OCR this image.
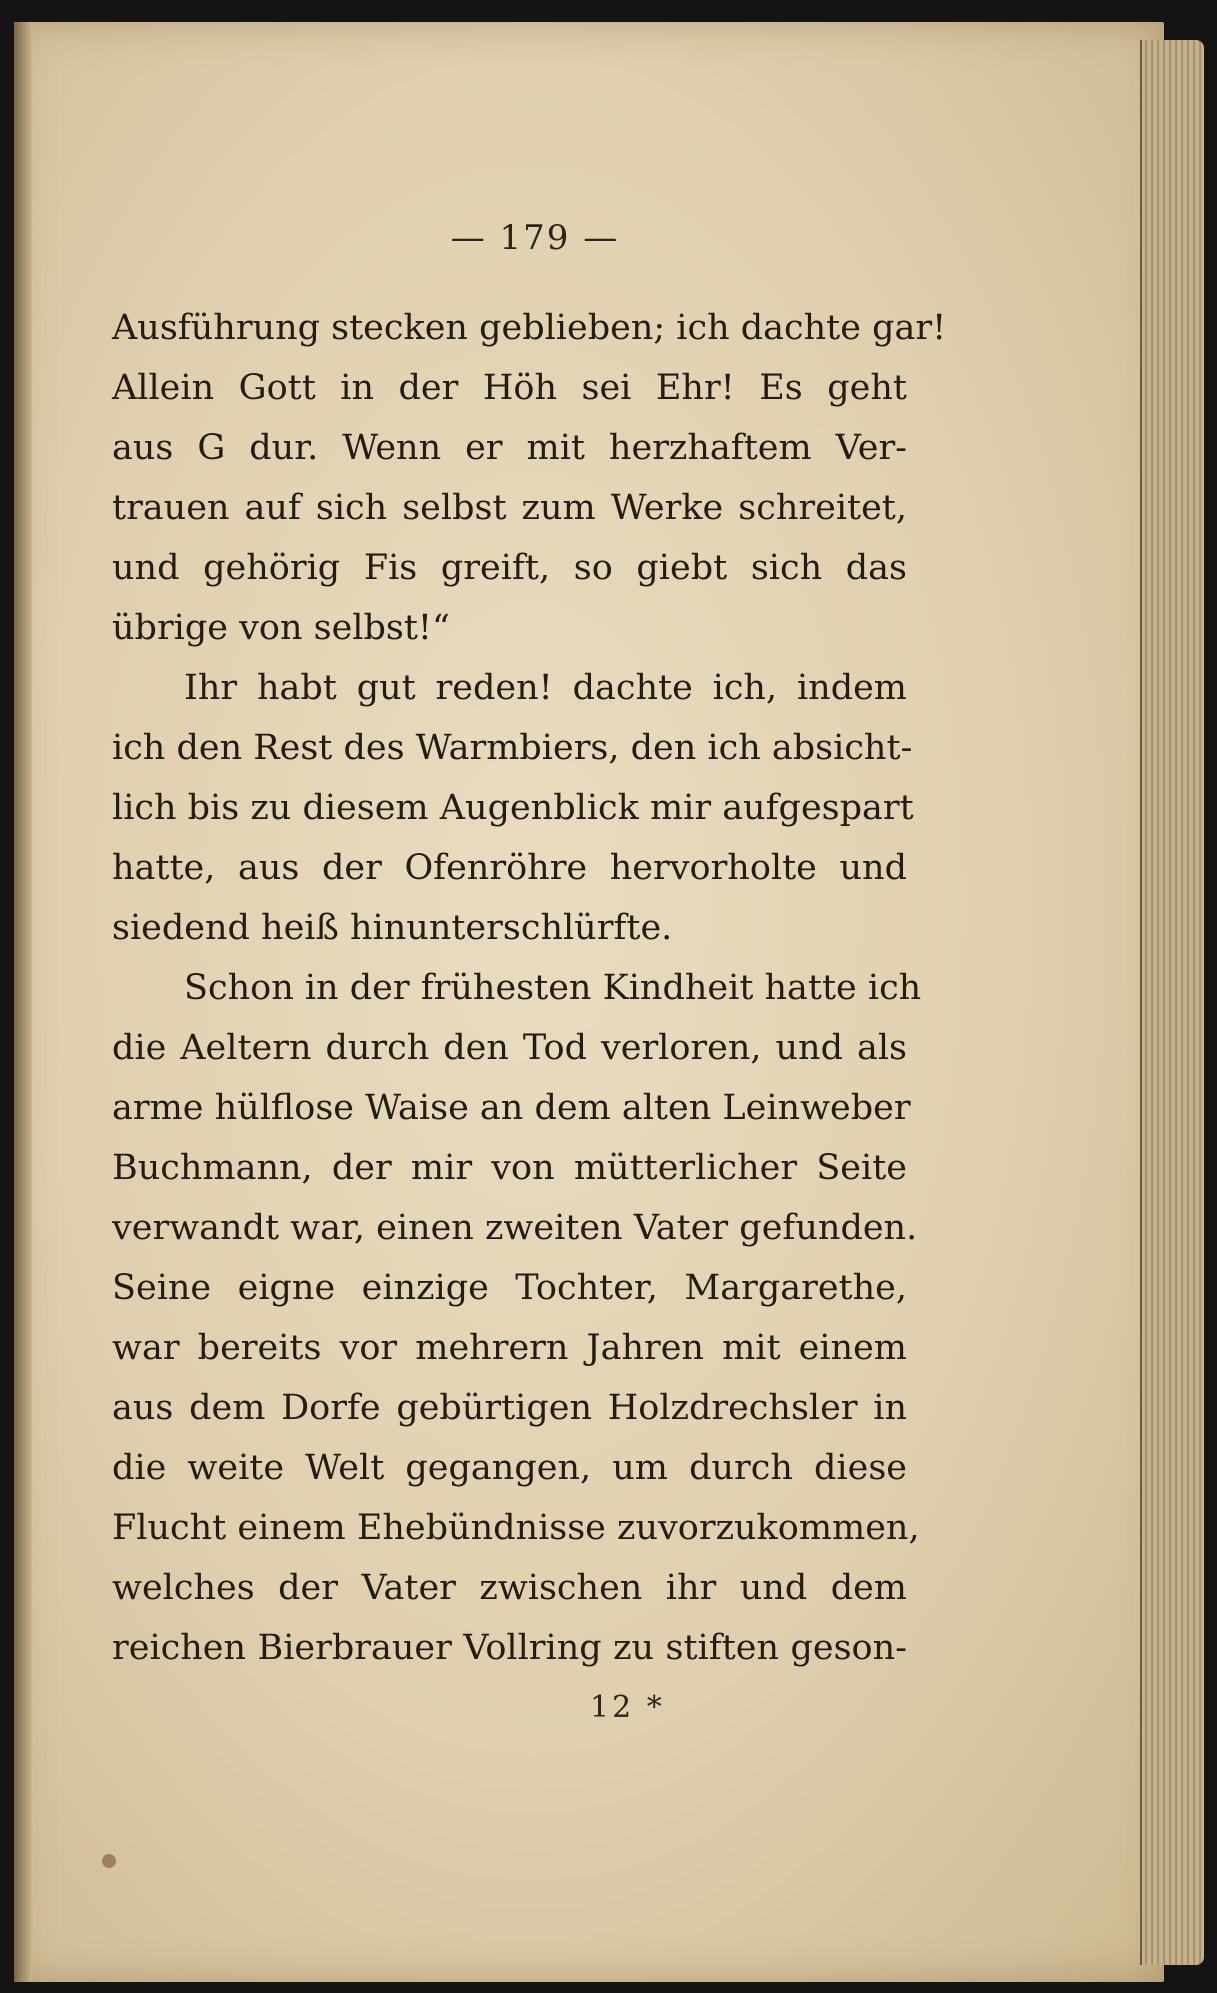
— 179 —
Ausführung stecken geblieben; ich dachte gar!
Allein Gott in der Höh sei Ehr! Es geht
aus G dur. Wenn er mit herzhaftem Ver-
trauen auf sich selbst zum Werke schreitet,
und gehörig Fis greift, so giebt sich das
übrige von selbst!“
Ihr habt gut reden! dachte ich, indem
ich den Rest des Warmbiers, den ich absicht-
lich bis zu diesem Augenblick mir aufgespart
hatte, aus der Ofenröhre hervorholte und
siedend heiß hinunterschlürfte.
Schon in der frühesten Kindheit hatte ich
die Aeltern durch den Tod verloren, und als
arme hülflose Waise an dem alten Leinweber
Buchmann, der mir von mütterlicher Seite
verwandt war, einen zweiten Vater gefunden.
Seine eigne einzige Tochter, Margarethe,
war bereits vor mehrern Jahren mit einem
aus dem Dorfe gebürtigen Holzdrechsler in
die weite Welt gegangen, um durch diese
Flucht einem Ehebündnisse zuvorzukommen,
welches der Vater zwischen ihr und dem
reichen Bierbrauer Vollring zu stiften geson-
12 *
